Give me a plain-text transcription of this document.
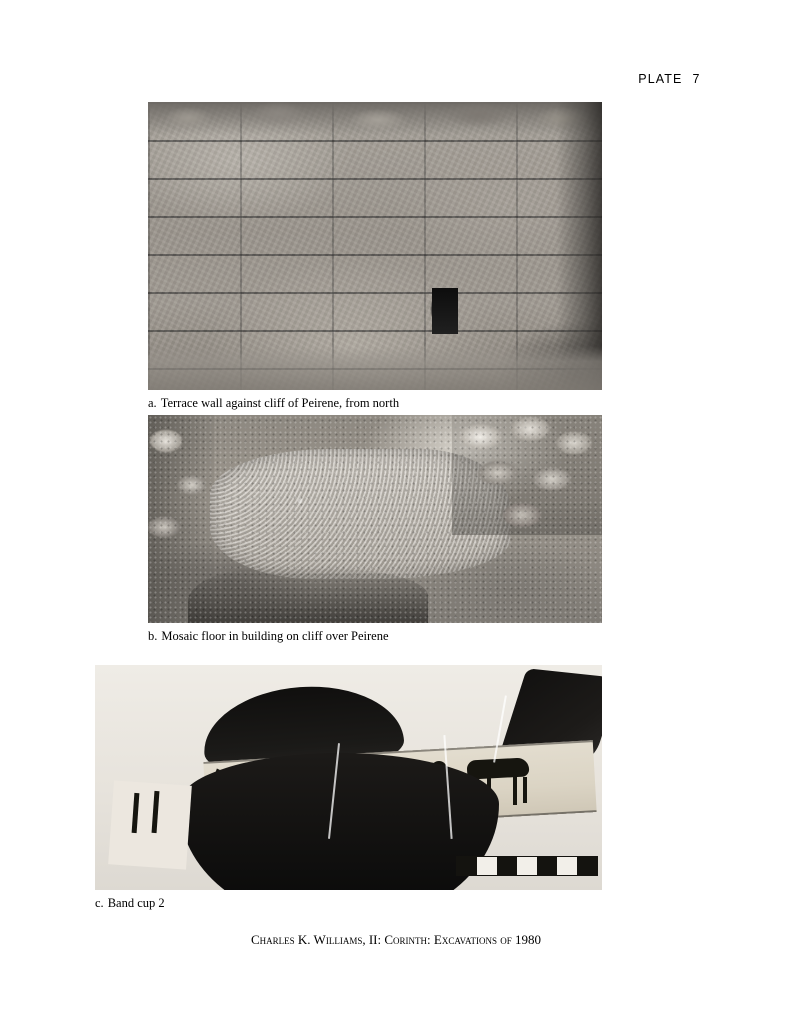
PLATE 7
a. Terrace wall against cliff of Peirene, from north
b. Mosaic floor in building on cliff over Peirene
c. Band cup 2
Charles K. Williams, II: Corinth: Excavations of 1980
